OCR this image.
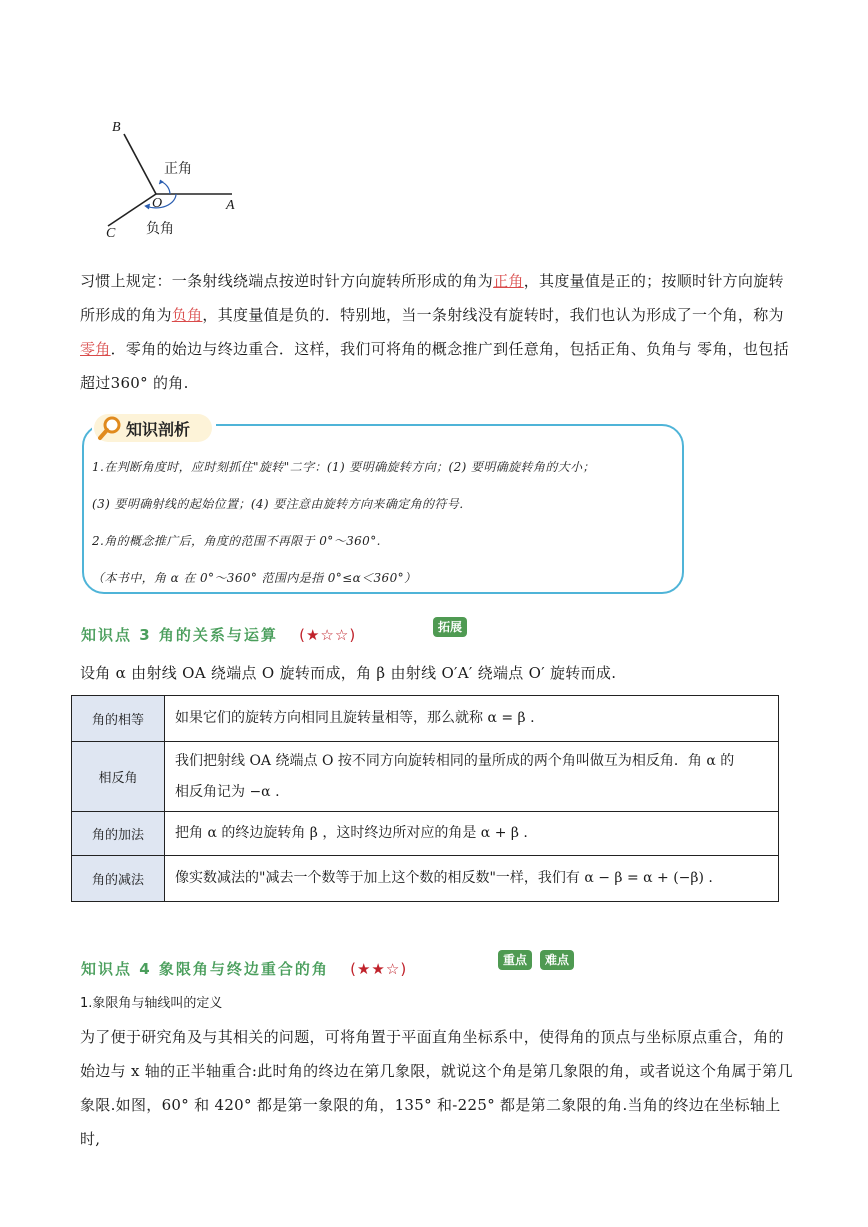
B
正角
O	A
C 负角
习惯上规定：一条射线绕端点按逆时针方向旋转所形成的角为正角，其度量值是正的；按顺时针方向旋转
所形成的角为负角，其度量值是负的．特别地，当一条射线没有旋转时，我们也认为形成了一个角，称为
零角．零角的始边与终边重合．这样，我们可将角的概念推广到任意角，包括正角、负角与 零角，也包括
超过360° 的角.
知识剖析
1.在判断角度时，应时刻抓住"旋转"二字：(1) 要明确旋转方向；(2) 要明确旋转角的大小；
(3) 要明确射线的起始位置；(4) 要注意由旋转方向来确定角的符号．
2.角的概念推广后，角度的范围不再限于 0°～360°.
（本书中，角 α 在 0°～360° 范围内是指 0°≤α＜360°）
知识点 3 角的关系与运算 (★☆☆)	拓展
设角 α 由射线 OA 绕端点 O 旋转而成，角 β 由射线 O′A′ 绕端点 O′ 旋转而成.
角的相等	如果它们的旋转方向相同且旋转量相等，那么就称 α = β .
相反角	我们把射线 OA 绕端点 O 按不同方向旋转相同的量所成的两个角叫做互为相反角．角 α 的
相反角记为 −α .

角的加法	把角 α 的终边旋转角 β ，这时终边所对应的角是 α + β .
角的减法	像实数减法的"减去一个数等于加上这个数的相反数"一样，我们有 α − β = α + (−β) .
知识点 4 象限角与终边重合的角 (★★☆)	重点	难点
1.象限角与轴线叫的定义
为了便于研究角及与其相关的问题，可将角置于平面直角坐标系中，使得角的顶点与坐标原点重合，角的
始边与 x 轴的正半轴重合:此时角的终边在第几象限，就说这个角是第几象限的角，或者说这个角属于第几
象限.如图，60° 和 420° 都是第一象限的角，135° 和-225° 都是第二象限的角.当角的终边在坐标轴上时,
